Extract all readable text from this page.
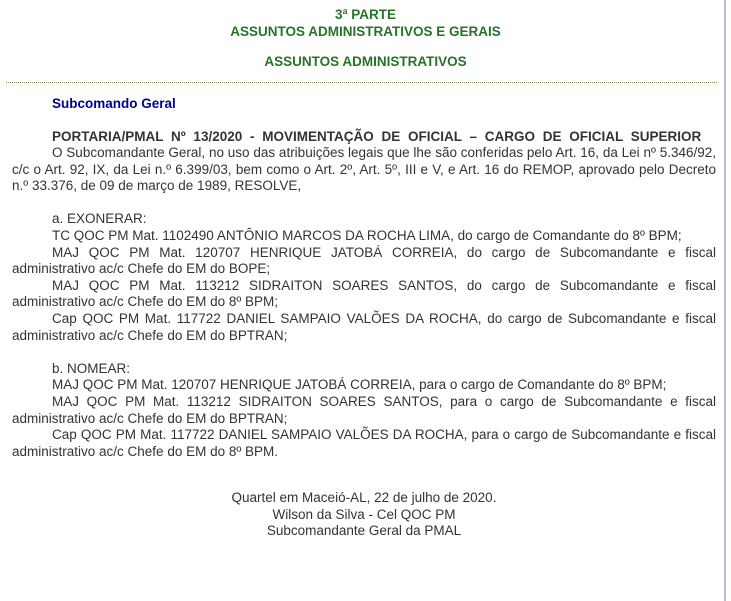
3ª PARTE
ASSUNTOS ADMINISTRATIVOS E GERAIS
ASSUNTOS ADMINISTRATIVOS
Subcomando Geral

PORTARIA/PMAL Nº 13/2020 - MOVIMENTAÇÃO DE OFICIAL – CARGO DE OFICIAL SUPERIOR

O Subcomandante Geral, no uso das atribuições legais que lhe são conferidas pelo Art. 16, da Lei nº 5.346/92, c/c o Art. 92, IX, da Lei n.º 6.399/03, bem como o Art. 2º, Art. 5º, III e V, e Art. 16 do REMOP, aprovado pelo Decreto n.º 33.376, de 09 de março de 1989, RESOLVE,

a. EXONERAR:

TC QOC PM Mat. 1102490 ANTÔNIO MARCOS DA ROCHA LIMA, do cargo de Comandante do 8º BPM;

MAJ QOC PM Mat. 120707 HENRIQUE JATOBÁ CORREIA, do cargo de Subcomandante e fiscal administrativo ac/c Chefe do EM do BOPE;

MAJ QOC PM Mat. 113212 SIDRAITON SOARES SANTOS, do cargo de Subcomandante e fiscal administrativo ac/c Chefe do EM do 8º BPM;

Cap QOC PM Mat. 117722 DANIEL SAMPAIO VALÕES DA ROCHA, do cargo de Subcomandante e fiscal administrativo ac/c Chefe do EM do BPTRAN;

b. NOMEAR:

MAJ QOC PM Mat. 120707 HENRIQUE JATOBÁ CORREIA, para o cargo de Comandante do 8º BPM;

MAJ QOC PM Mat. 113212 SIDRAITON SOARES SANTOS, para o cargo de Subcomandante e fiscal administrativo ac/c Chefe do EM do BPTRAN;

Cap QOC PM Mat. 117722 DANIEL SAMPAIO VALÕES DA ROCHA, para o cargo de Subcomandante e fiscal administrativo ac/c Chefe do EM do 8º BPM.

Quartel em Maceió-AL, 22 de julho de 2020.
Wilson da Silva - Cel QOC PM
Subcomandante Geral da PMAL
